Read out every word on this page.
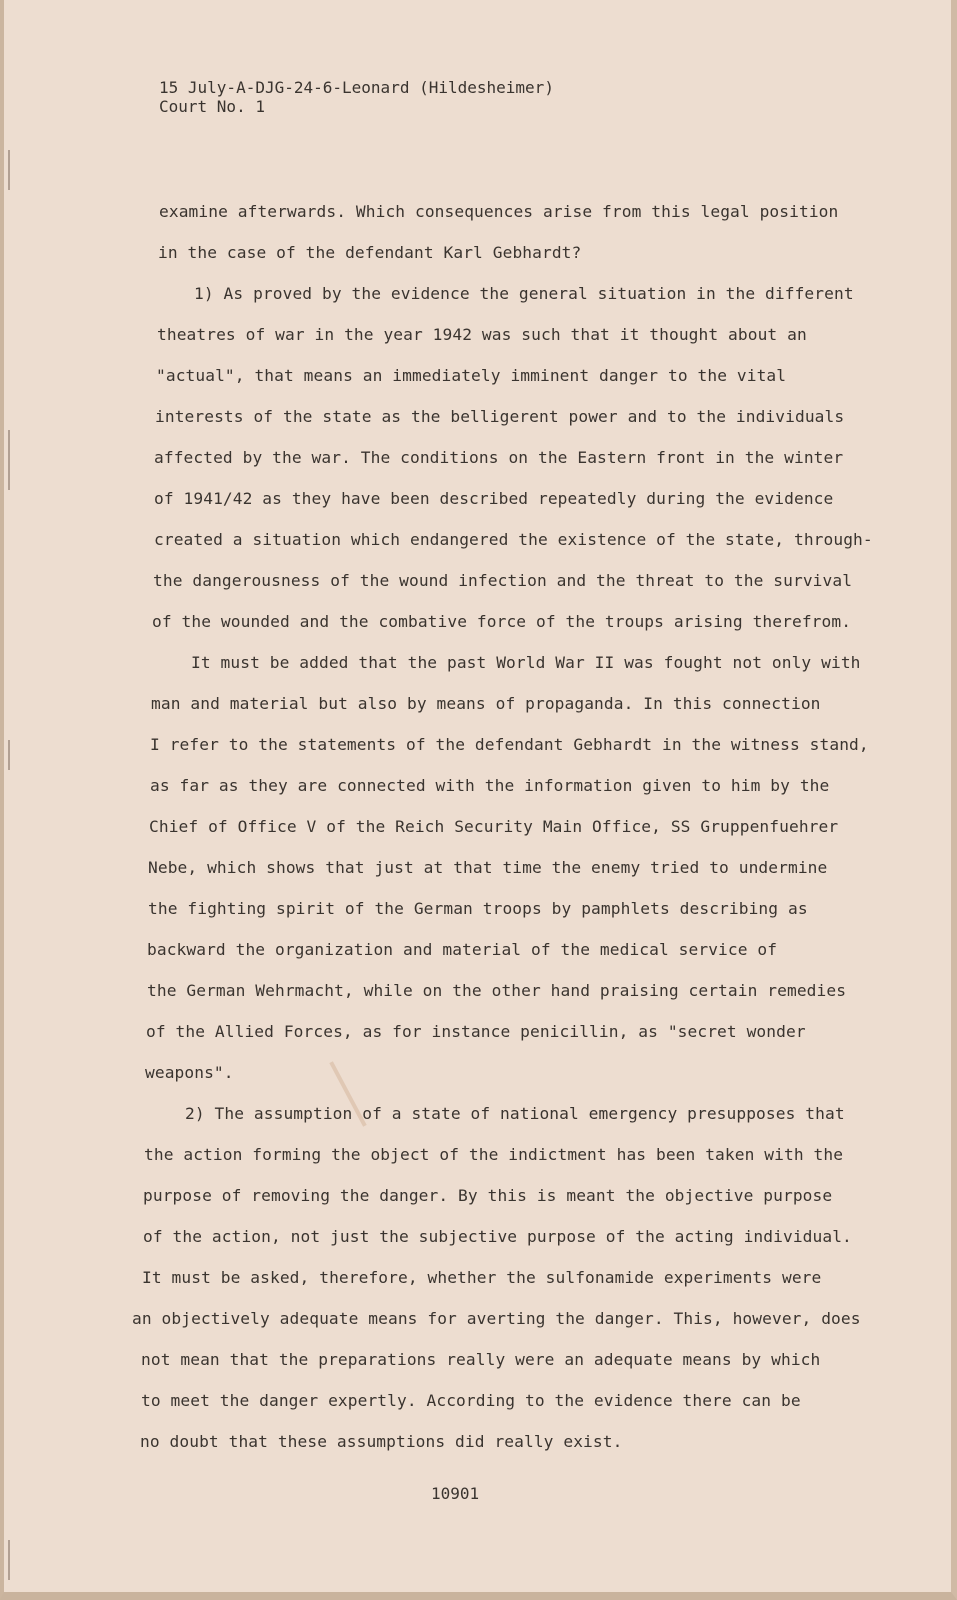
15 July-A-DJG-24-6-Leonard (Hildesheimer)
Court No. 1
examine afterwards. Which consequences arise from this legal position
in the case of the defendant Karl Gebhardt?
1) As proved by the evidence the general situation in the different
theatres of war in the year 1942 was such that it thought about an
"actual", that means an immediately imminent danger to the vital
interests of the state as the belligerent power and to the individuals
affected by the war. The conditions on the Eastern front in the winter
of 1941/42 as they have been described repeatedly during the evidence
created a situation which endangered the existence of the state, through-
the dangerousness of the wound infection and the threat to the survival
of the wounded and the combative force of the troups arising therefrom.
It must be added that the past World War II was fought not only with
man and material but also by means of propaganda. In this connection
I refer to the statements of the defendant Gebhardt in the witness stand,
as far as they are connected with the information given to him by the
Chief of Office V of the Reich Security Main Office, SS Gruppenfuehrer
Nebe, which shows that just at that time the enemy tried to undermine
the fighting spirit of the German troops by pamphlets describing as
backward the organization and material of the medical service of
the German Wehrmacht, while on the other hand praising certain remedies
of the Allied Forces, as for instance penicillin, as "secret wonder
weapons".
2) The assumption of a state of national emergency presupposes that
the action forming the object of the indictment has been taken with the
purpose of removing the danger. By this is meant the objective purpose
of the action, not just the subjective purpose of the acting individual.
It must be asked, therefore, whether the sulfonamide experiments were
an objectively adequate means for averting the danger. This, however, does
not mean that the preparations really were an adequate means by which
to meet the danger expertly. According to the evidence there can be
no doubt that these assumptions did really exist.
10901
